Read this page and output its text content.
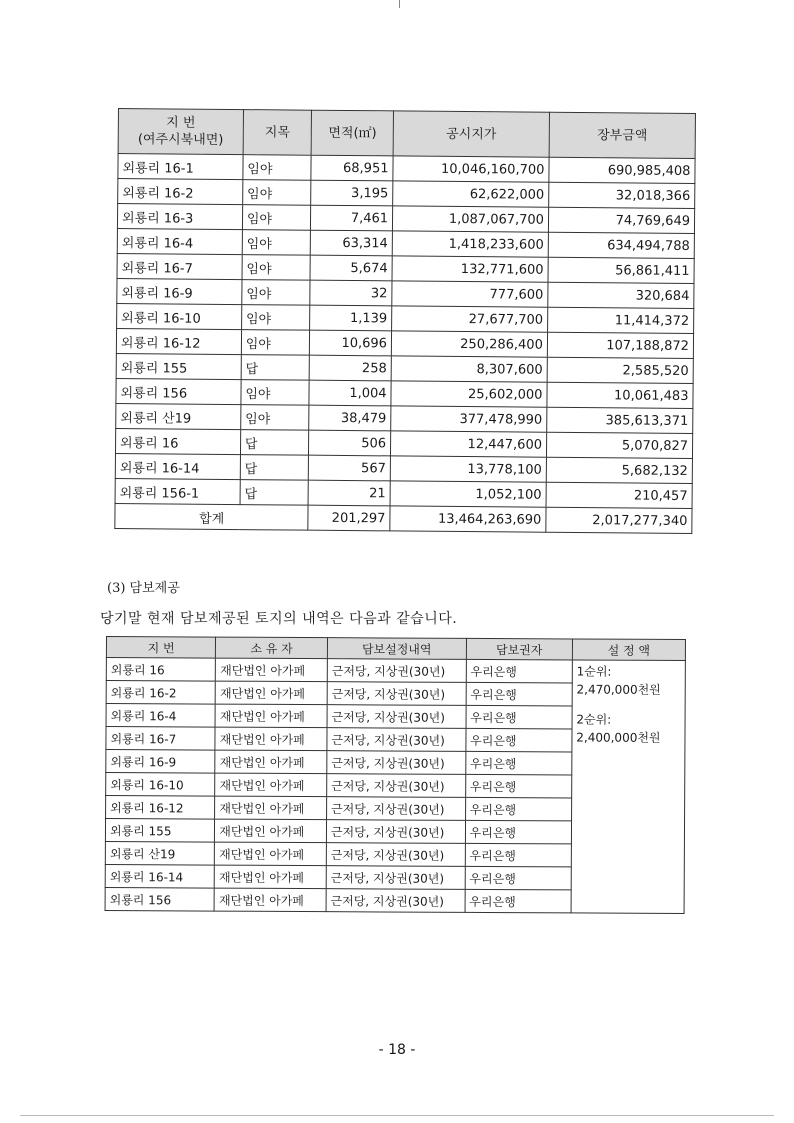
지 번
(여주시북내면)	지목	면적(㎡)	공시지가	장부금액
외룡리 16-1	임야	68,951	10,046,160,700	690,985,408
외룡리 16-2	임야	3,195	62,622,000	32,018,366
외룡리 16-3	임야	7,461	1,087,067,700	74,769,649
외룡리 16-4	임야	63,314	1,418,233,600	634,494,788
외룡리 16-7	임야	5,674	132,771,600	56,861,411
외룡리 16-9	임야	32	777,600	320,684
외룡리 16-10	임야	1,139	27,677,700	11,414,372
외룡리 16-12	임야	10,696	250,286,400	107,188,872
외룡리 155	답	258	8,307,600	2,585,520
외룡리 156	임야	1,004	25,602,000	10,061,483
외룡리 산19	임야	38,479	377,478,990	385,613,371
외룡리 16	답	506	12,447,600	5,070,827
외룡리 16-14	답	567	13,778,100	5,682,132
외룡리 156-1	답	21	1,052,100	210,457
합계		201,297	13,464,263,690	2,017,277,340
(3) 담보제공
당기말 현재 담보제공된 토지의 내역은 다음과 같습니다.
지 번	소 유 자	담보설정내역	담보권자	설 정 액
외룡리 16	재단법인 아가페	근저당, 지상권(30년)	우리은행	1순위:
2,470,000천원
2순위:
2,400,000천원

외룡리 16-2	재단법인 아가페	근저당, 지상권(30년)	우리은행	
외룡리 16-4	재단법인 아가페	근저당, 지상권(30년)	우리은행	
외룡리 16-7	재단법인 아가페	근저당, 지상권(30년)	우리은행	
외룡리 16-9	재단법인 아가페	근저당, 지상권(30년)	우리은행	
외룡리 16-10	재단법인 아가페	근저당, 지상권(30년)	우리은행	
외룡리 16-12	재단법인 아가페	근저당, 지상권(30년)	우리은행	
외룡리 155	재단법인 아가페	근저당, 지상권(30년)	우리은행	
외룡리 산19	재단법인 아가페	근저당, 지상권(30년)	우리은행	
외룡리 16-14	재단법인 아가페	근저당, 지상권(30년)	우리은행	
외룡리 156	재단법인 아가페	근저당, 지상권(30년)	우리은행	
- 18 -
